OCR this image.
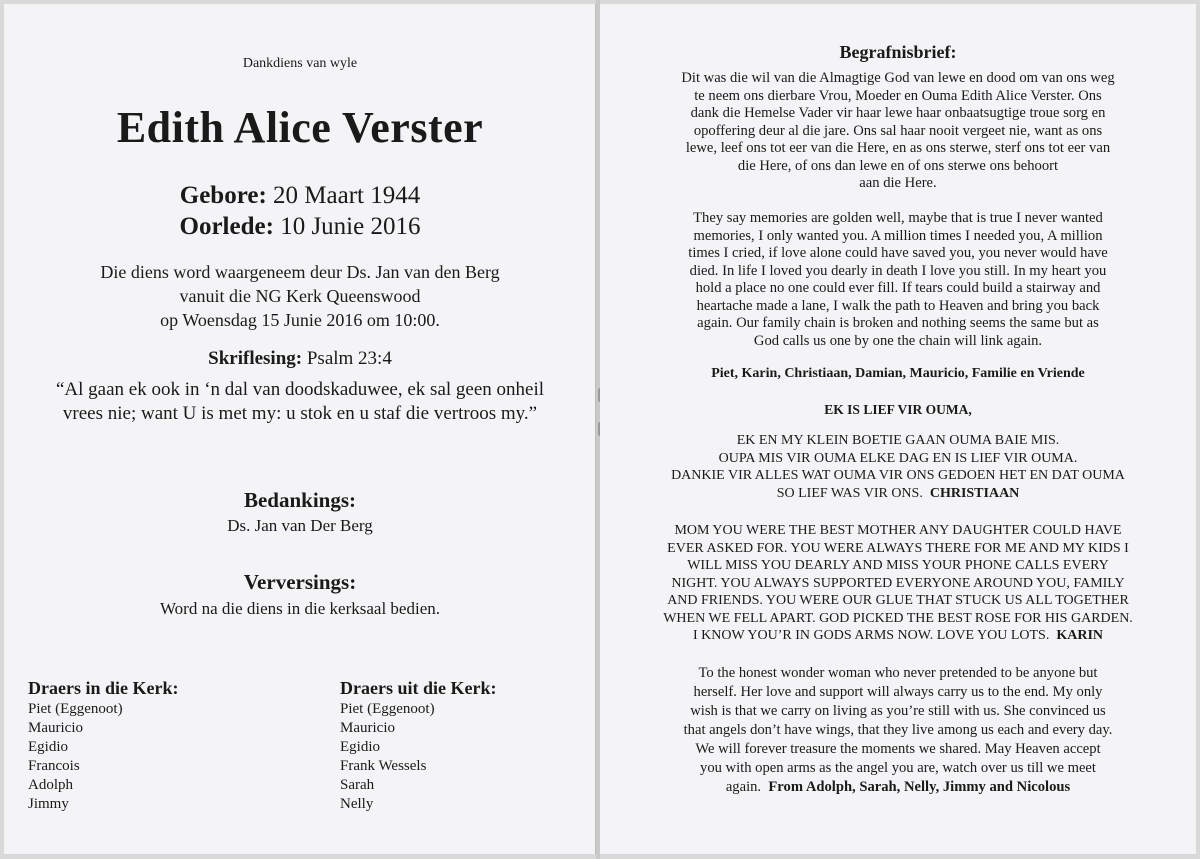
Dankdiens van wyle
Edith Alice Verster
Gebore: 20 Maart 1944
Oorlede: 10 Junie 2016
Die diens word waargeneem deur Ds. Jan van den Berg
vanuit die NG Kerk Queenswood
op Woensdag 15 Junie 2016 om 10:00.
Skriflesing: Psalm 23:4
“Al gaan ek ook in ‘n dal van doodskaduwee, ek sal geen onheil vrees nie; want U is met my: u stok en u staf die vertroos my.”
Bedankings:
Ds. Jan van Der Berg
Verversings:
Word na die diens in die kerksaal bedien.
Draers in die Kerk:
Piet (Eggenoot)
Mauricio
Egidio
Francois
Adolph
Jimmy
Draers uit die Kerk:
Piet (Eggenoot)
Mauricio
Egidio
Frank Wessels
Sarah
Nelly
Begrafnisbrief:
Dit was die wil van die Almagtige God van lewe en dood om van ons weg
te neem ons dierbare Vrou, Moeder en Ouma Edith Alice Verster. Ons
dank die Hemelse Vader vir haar lewe haar onbaatsugtige troue sorg en
opoffering deur al die jare. Ons sal haar nooit vergeet nie, want as ons
lewe, leef ons tot eer van die Here, en as ons sterwe, sterf ons tot eer van
die Here, of ons dan lewe en of ons sterwe ons behoort
aan die Here.
They say memories are golden well, maybe that is true I never wanted
memories, I only wanted you. A million times I needed you, A million
times I cried, if love alone could have saved you, you never would have
died. In life I loved you dearly in death I love you still. In my heart you
hold a place no one could ever fill. If tears could build a stairway and
heartache made a lane, I walk the path to Heaven and bring you back
again. Our family chain is broken and nothing seems the same but as
God calls us one by one the chain will link again.
Piet, Karin, Christiaan, Damian, Mauricio, Familie en Vriende
EK IS LIEF VIR OUMA,
EK EN MY KLEIN BOETIE GAAN OUMA BAIE MIS.
OUPA MIS VIR OUMA ELKE DAG EN IS LIEF VIR OUMA.
DANKIE VIR ALLES WAT OUMA VIR ONS GEDOEN HET EN DAT OUMA
SO LIEF WAS VIR ONS. CHRISTIAAN
MOM YOU WERE THE BEST MOTHER ANY DAUGHTER COULD HAVE
EVER ASKED FOR. YOU WERE ALWAYS THERE FOR ME AND MY KIDS I
WILL MISS YOU DEARLY AND MISS YOUR PHONE CALLS EVERY
NIGHT. YOU ALWAYS SUPPORTED EVERYONE AROUND YOU, FAMILY
AND FRIENDS. YOU WERE OUR GLUE THAT STUCK US ALL TOGETHER
WHEN WE FELL APART. GOD PICKED THE BEST ROSE FOR HIS GARDEN.
I KNOW YOU’R IN GODS ARMS NOW. LOVE YOU LOTS. KARIN
To the honest wonder woman who never pretended to be anyone but
herself. Her love and support will always carry us to the end. My only
wish is that we carry on living as you’re still with us. She convinced us
that angels don’t have wings, that they live among us each and every day.
We will forever treasure the moments we shared. May Heaven accept
you with open arms as the angel you are, watch over us till we meet
again. From Adolph, Sarah, Nelly, Jimmy and Nicolous
